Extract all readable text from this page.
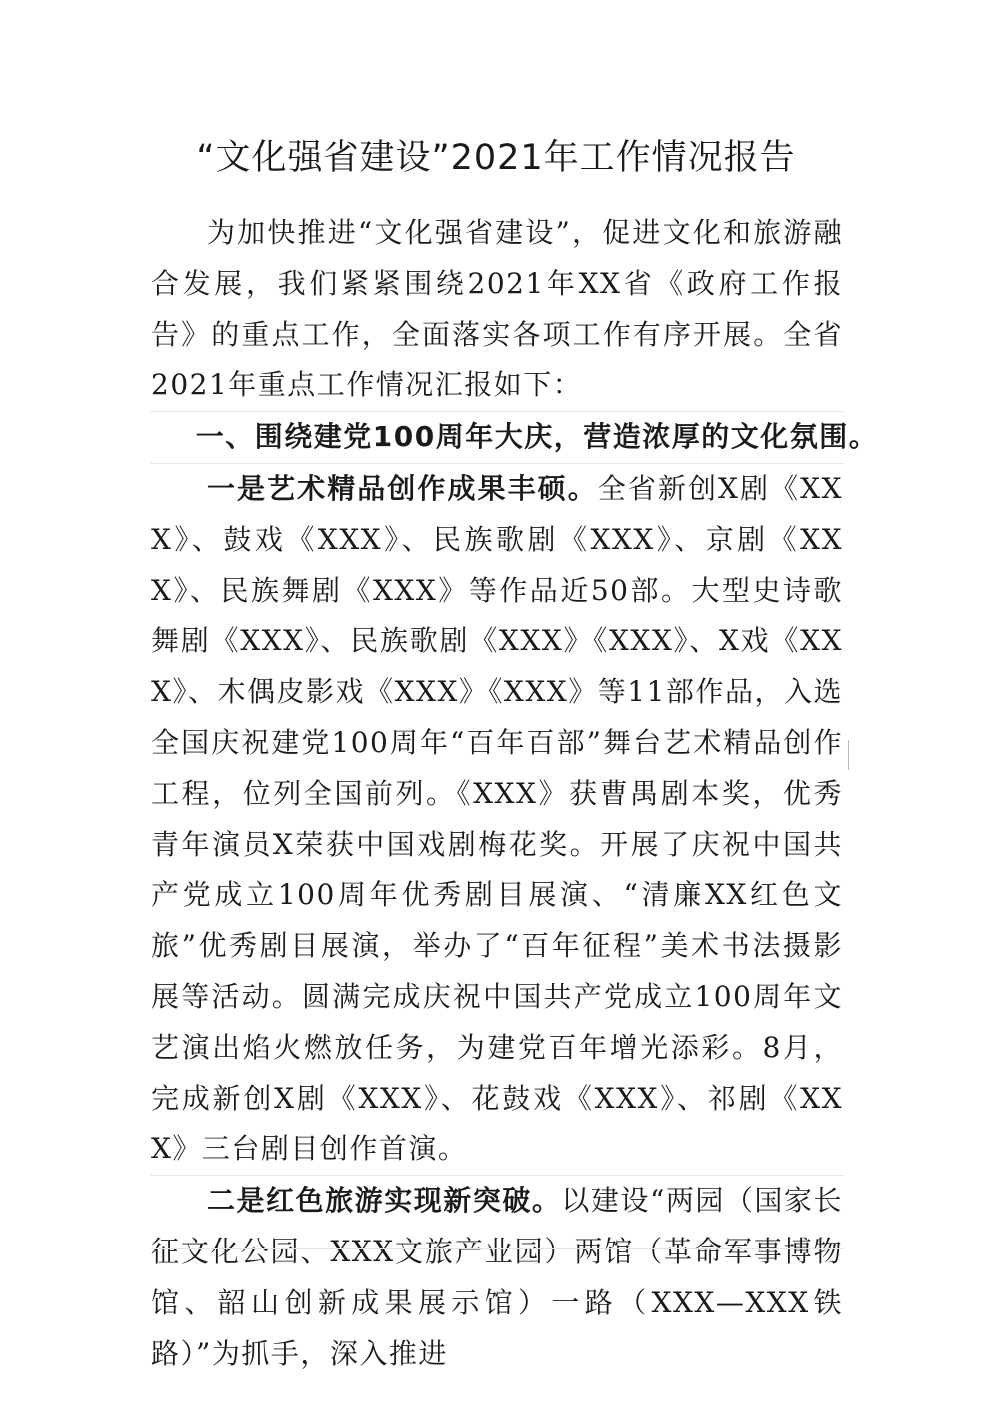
“文化强省建设”2021年工作情况报告

为加快推进“文化强省建设”，促进文化和旅游融合发展，我们紧紧围绕2021年XX省《政府工作报告》的重点工作，全面落实各项工作有序开展。全省2021年重点工作情况汇报如下：

一、围绕建党100周年大庆，营造浓厚的文化氛围。

一是艺术精品创作成果丰硕。全省新创X剧《XXX》、鼓戏《XXX》、民族歌剧《XXX》、京剧《XXX》、民族舞剧《XXX》等作品近50部。大型史诗歌舞剧《XXX》、民族歌剧《XXX》《XXX》、X戏《XXX》、木偶皮影戏《XXX》《XXX》等11部作品，入选全国庆祝建党100周年“百年百部”舞台艺术精品创作工程，位列全国前列。《XXX》获曹禺剧本奖，优秀青年演员X荣获中国戏剧梅花奖。开展了庆祝中国共产党成立100周年优秀剧目展演、“清廉XX红色文旅”优秀剧目展演，举办了“百年征程”美术书法摄影展等活动。圆满完成庆祝中国共产党成立100周年文艺演出焰火燃放任务，为建党百年增光添彩。8月，完成新创X剧《XXX》、花鼓戏《XXX》、祁剧《XXX》三台剧目创作首演。

二是红色旅游实现新突破。以建设“两园（国家长征文化公园、XXX文旅产业园）两馆（革命军事博物馆、韶山创新成果展示馆）一路（XXX—XXX铁路）”为抓手，深入推进
